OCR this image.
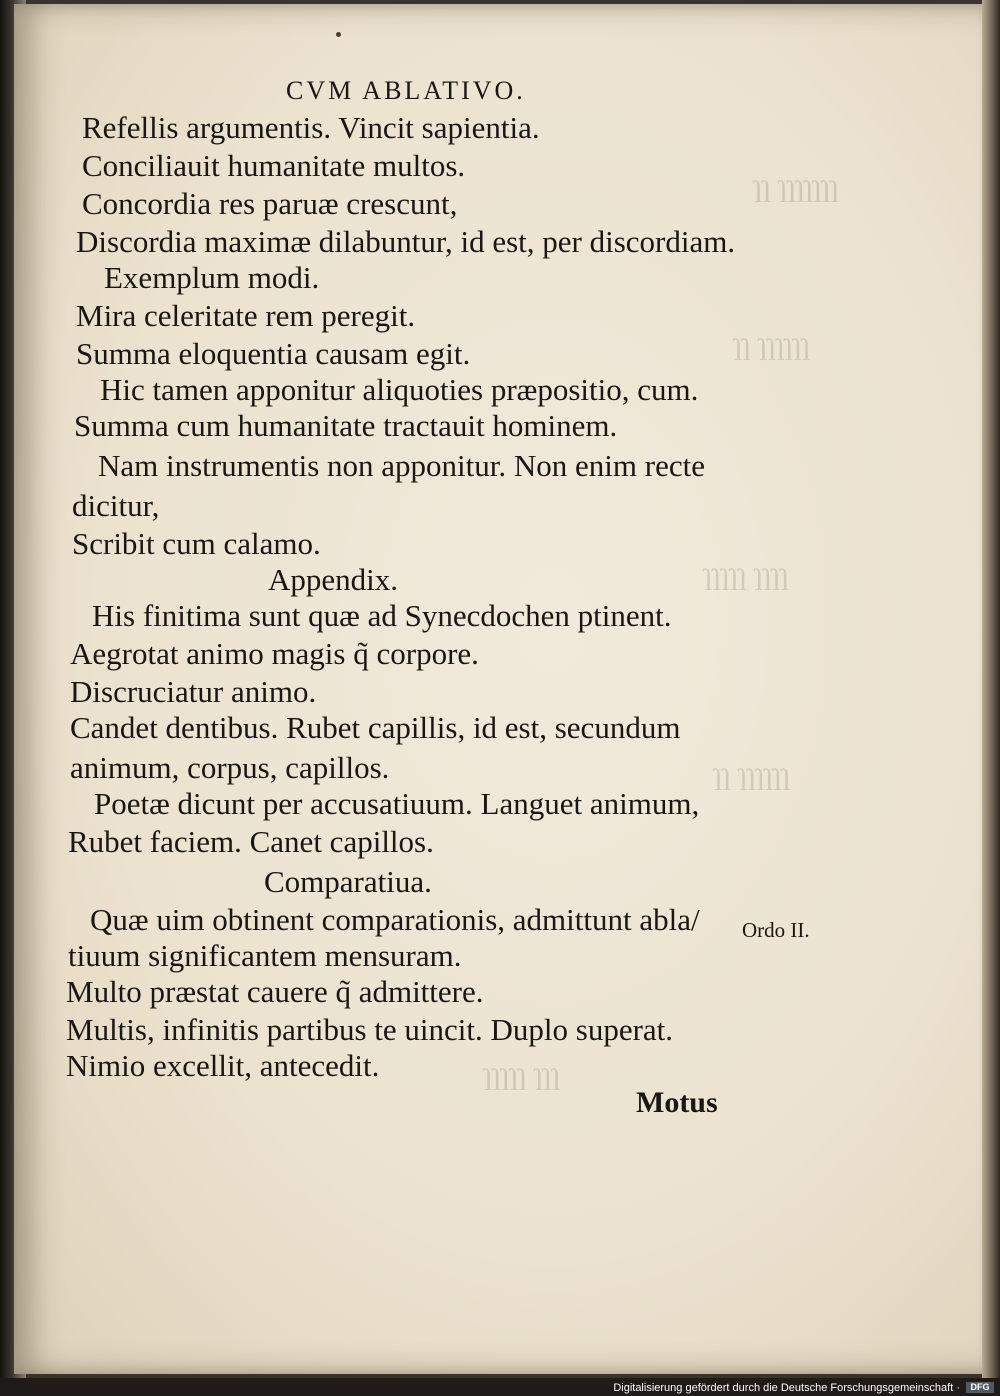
ſſſſſſſ ſſ
ſſſſſſ ſſ
ſſſſ ſſſſſ
ſſſſſſ ſſ
ſſſ ſſſſſ
CVM ABLATIVO.
Refellis argumentis. Vincit sapientia.
Conciliauit humanitate multos.
Concordia res paruæ crescunt,
Discordia maximæ dilabuntur, id est, per discordiam.
Exemplum modi.
Mira celeritate rem peregit.
Summa eloquentia causam egit.
Hic tamen apponitur aliquoties præpositio, cum.
Summa cum humanitate tractauit hominem.
Nam instrumentis non apponitur. Non enim recte
dicitur,
Scribit cum calamo.
Appendix.
His finitima sunt quæ ad Synecdochen ptinent.
Aegrotat animo magis q̃ corpore.
Discruciatur animo.
Candet dentibus. Rubet capillis, id est, secundum
animum, corpus, capillos.
Poetæ dicunt per accusatiuum. Languet animum,
Rubet faciem. Canet capillos.
Comparatiua.
Quæ uim obtinent comparationis, admittunt abla/
tiuum significantem mensuram.
Multo præstat cauere q̃ admittere.
Multis, infinitis partibus te uincit. Duplo superat.
Nimio excellit, antecedit.
Ordo II.
Motus
Digitalisierung gefördert durch die Deutsche Forschungsgemeinschaft ·	DFG
